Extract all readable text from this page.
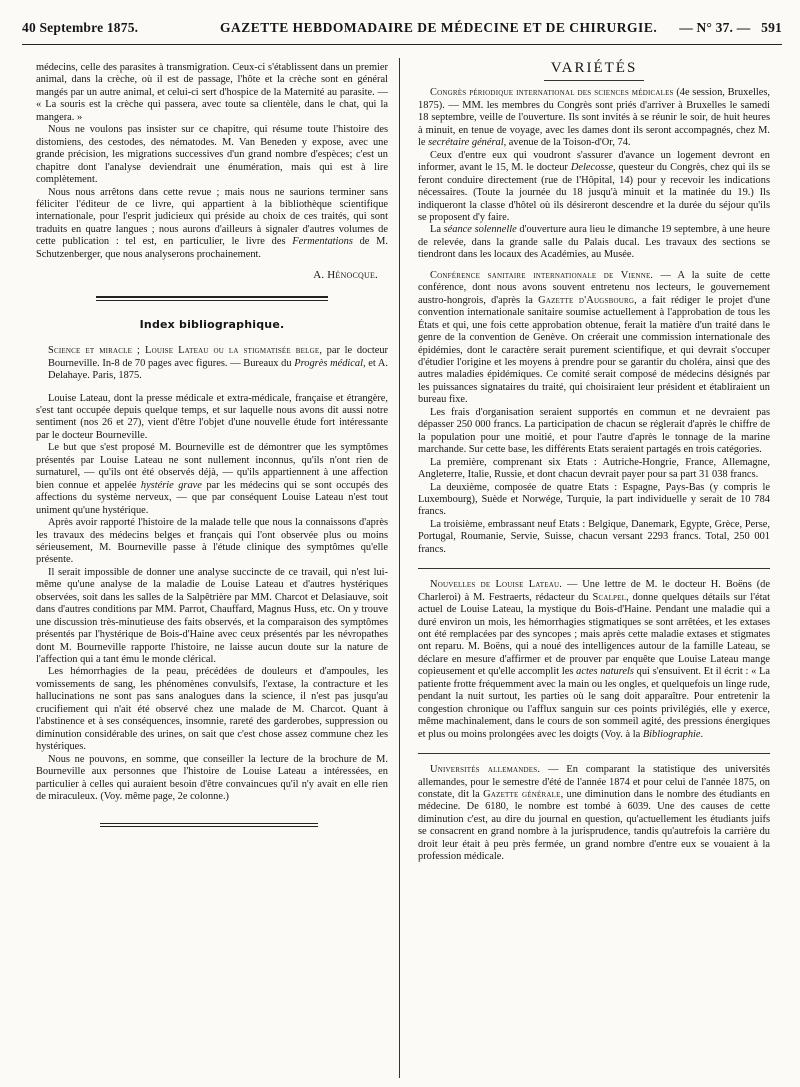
40 Septembre 1875.	GAZETTE HEBDOMADAIRE DE MÉDECINE ET DE CHIRURGIE. — N° 37. — 591

médecins, celle des parasites à transmigration. Ceux-ci s'établissent dans un premier animal, dans la crèche, où il est de passage, l'hôte et la crèche sont en général mangés par un autre animal, et celui-ci sert d'hospice de la Maternité au parasite. — « La souris est la crèche qui passera, avec toute sa clientèle, dans le chat, qui la mangera. »

Nous ne voulons pas insister sur ce chapitre, qui résume toute l'histoire des distomiens, des cestodes, des nématodes. M. Van Beneden y expose, avec une grande précision, les migrations successives d'un grand nombre d'espèces; c'est un chapitre dont l'analyse deviendrait une énumération, mais qui est à lire complètement.

Nous nous arrêtons dans cette revue ; mais nous ne saurions terminer sans féliciter l'éditeur de ce livre, qui appartient à la bibliothèque scientifique internationale, pour l'esprit judicieux qui préside au choix de ces traités, qui sont traduits en quatre langues ; nous aurons d'ailleurs à signaler d'autres volumes de cette publication : tel est, en particulier, le livre des Fermentations de M. Schutzenberger, que nous analyserons prochainement.

A. Hénocque.
Index bibliographique.

Science et miracle ; Louise Lateau ou la stigmatisée belge, par le docteur Bourneville. In-8 de 70 pages avec figures. — Bureaux du Progrès médical, et A. Delahaye. Paris, 1875.

Louise Lateau, dont la presse médicale et extra-médicale, française et étrangère, s'est tant occupée depuis quelque temps, et sur laquelle nous avons dit aussi notre sentiment (nos 26 et 27), vient d'être l'objet d'une nouvelle étude fort intéressante par le docteur Bourneville.

Le but que s'est proposé M. Bourneville est de démontrer que les symptômes présentés par Louise Lateau ne sont nullement inconnus, qu'ils n'ont rien de surnaturel, — qu'ils ont été observés déjà, — qu'ils appartiennent à une affection bien connue et appelée hystérie grave par les médecins qui se sont occupés des affections du système nerveux, — que par conséquent Louise Lateau n'est tout uniment qu'une hystérique.

Après avoir rapporté l'histoire de la malade telle que nous la connaissons d'après les travaux des médecins belges et français qui l'ont observée plus ou moins sérieusement, M. Bourneville passe à l'étude clinique des symptômes qu'elle présente.

Il serait impossible de donner une analyse succincte de ce travail, qui n'est lui-même qu'une analyse de la maladie de Louise Lateau et d'autres hystériques observées, soit dans les salles de la Salpêtrière par MM. Charcot et Delasiauve, soit dans d'autres conditions par MM. Parrot, Chauffard, Magnus Huss, etc. On y trouve une discussion très-minutieuse des faits observés, et la comparaison des symptômes présentés par l'hystérique de Bois-d'Haine avec ceux présentés par les névropathes dont M. Bourneville rapporte l'histoire, ne laisse aucun doute sur la nature de l'affection qui a tant ému le monde clérical.

Les hémorrhagies de la peau, précédées de douleurs et d'ampoules, les vomissements de sang, les phénomènes convulsifs, l'extase, la contracture et les hallucinations ne sont pas sans analogues dans la science, il n'est pas jusqu'au crucifiement qui n'ait été observé chez une malade de M. Charcot. Quant à l'abstinence et à ses conséquences, insomnie, rareté des garderobes, suppression ou diminution considérable des urines, on sait que c'est chose assez commune chez les hystériques.

Nous ne pouvons, en somme, que conseiller la lecture de la brochure de M. Bourneville aux personnes que l'histoire de Louise Lateau a intéressées, en particulier à celles qui auraient besoin d'être convaincues qu'il n'y avait en elle rien de miraculeux. (Voy. même page, 2e colonne.)

VARIÉTÉS

Congrès périodique international des sciences médicales (4e session, Bruxelles, 1875). — MM. les membres du Congrès sont priés d'arriver à Bruxelles le samedi 18 septembre, veille de l'ouverture. Ils sont invités à se réunir le soir, de huit heures à minuit, en tenue de voyage, avec les dames dont ils seront accompagnés, chez M. le secrétaire général, avenue de la Toison-d'Or, 74.

Ceux d'entre eux qui voudront s'assurer d'avance un logement devront en informer, avant le 15, M. le docteur Delecosse, questeur du Congrès, chez qui ils se feront conduire directement (rue de l'Hôpital, 14) pour y recevoir les indications nécessaires. (Toute la journée du 18 jusqu'à minuit et la matinée du 19.) Ils indiqueront la classe d'hôtel où ils désireront descendre et la durée du séjour qu'ils se proposent d'y faire.

La séance solennelle d'ouverture aura lieu le dimanche 19 septembre, à une heure de relevée, dans la grande salle du Palais ducal. Les travaux des sections se tiendront dans les locaux des Académies, au Musée.

Conférence sanitaire internationale de Vienne. — A la suite de cette conférence, dont nous avons souvent entretenu nos lecteurs, le gouvernement austro-hongrois, d'après la Gazette d'Augsbourg, a fait rédiger le projet d'une convention internationale sanitaire soumise actuellement à l'approbation de tous les États et qui, une fois cette approbation obtenue, ferait la matière d'un traité dans le genre de la convention de Genève. On créerait une commission internationale des épidémies, dont le caractère serait purement scientifique, et qui devrait s'occuper d'étudier l'origine et les moyens à prendre pour se garantir du choléra, ainsi que des autres maladies épidémiques. Ce comité serait composé de médecins désignés par les puissances signataires du traité, qui choisiraient leur président et établiraient un bureau fixe.

Les frais d'organisation seraient supportés en commun et ne devraient pas dépasser 250 000 francs. La participation de chacun se réglerait d'après le chiffre de la population pour une moitié, et pour l'autre d'après le tonnage de la marine marchande. Sur cette base, les différents Etats seraient partagés en trois catégories.

La première, comprenant six Etats : Autriche-Hongrie, France, Allemagne, Angleterre, Italie, Russie, et dont chacun devrait payer pour sa part 31 038 francs.

La deuxième, composée de quatre Etats : Espagne, Pays-Bas (y compris le Luxembourg), Suède et Norwége, Turquie, la part individuelle y serait de 10 784 francs.

La troisième, embrassant neuf Etats : Belgique, Danemark, Egypte, Grèce, Perse, Portugal, Roumanie, Servie, Suisse, chacun versant 2293 francs. Total, 250 001 francs.

Nouvelles de Louise Lateau. — Une lettre de M. le docteur H. Boëns (de Charleroi) à M. Festraerts, rédacteur du Scalpel, donne quelques détails sur l'état actuel de Louise Lateau, la mystique du Bois-d'Haine. Pendant une maladie qui a duré environ un mois, les hémorrhagies stigmatiques se sont arrêtées, et les extases ont été remplacées par des syncopes ; mais après cette maladie extases et stigmates ont reparu. M. Boëns, qui a noué des intelligences autour de la famille Lateau, se déclare en mesure d'affirmer et de prouver par enquête que Louise Lateau mange copieusement et qu'elle accomplit les actes naturels qui s'ensuivent. Et il écrit : « La patiente frotte fréquemment avec la main ou les ongles, et quelquefois un linge rude, pendant la nuit surtout, les parties où le sang doit apparaître. Pour entretenir la congestion chronique ou l'afflux sanguin sur ces points privilégiés, elle y exerce, même machinalement, dans le cours de son sommeil agité, des pressions énergiques et plus ou moins prolongées avec les doigts (Voy. à la Bibliographie.

Universités allemandes. — En comparant la statistique des universités allemandes, pour le semestre d'été de l'année 1874 et pour celui de l'année 1875, on constate, dit la Gazette générale, une diminution dans le nombre des étudiants en médecine. De 6180, le nombre est tombé à 6039. Une des causes de cette diminution c'est, au dire du journal en question, qu'actuellement les étudiants juifs se consacrent en grand nombre à la jurisprudence, tandis qu'autrefois la carrière du droit leur était à peu près fermée, un grand nombre d'entre eux se vouaient à la profession médicale.
